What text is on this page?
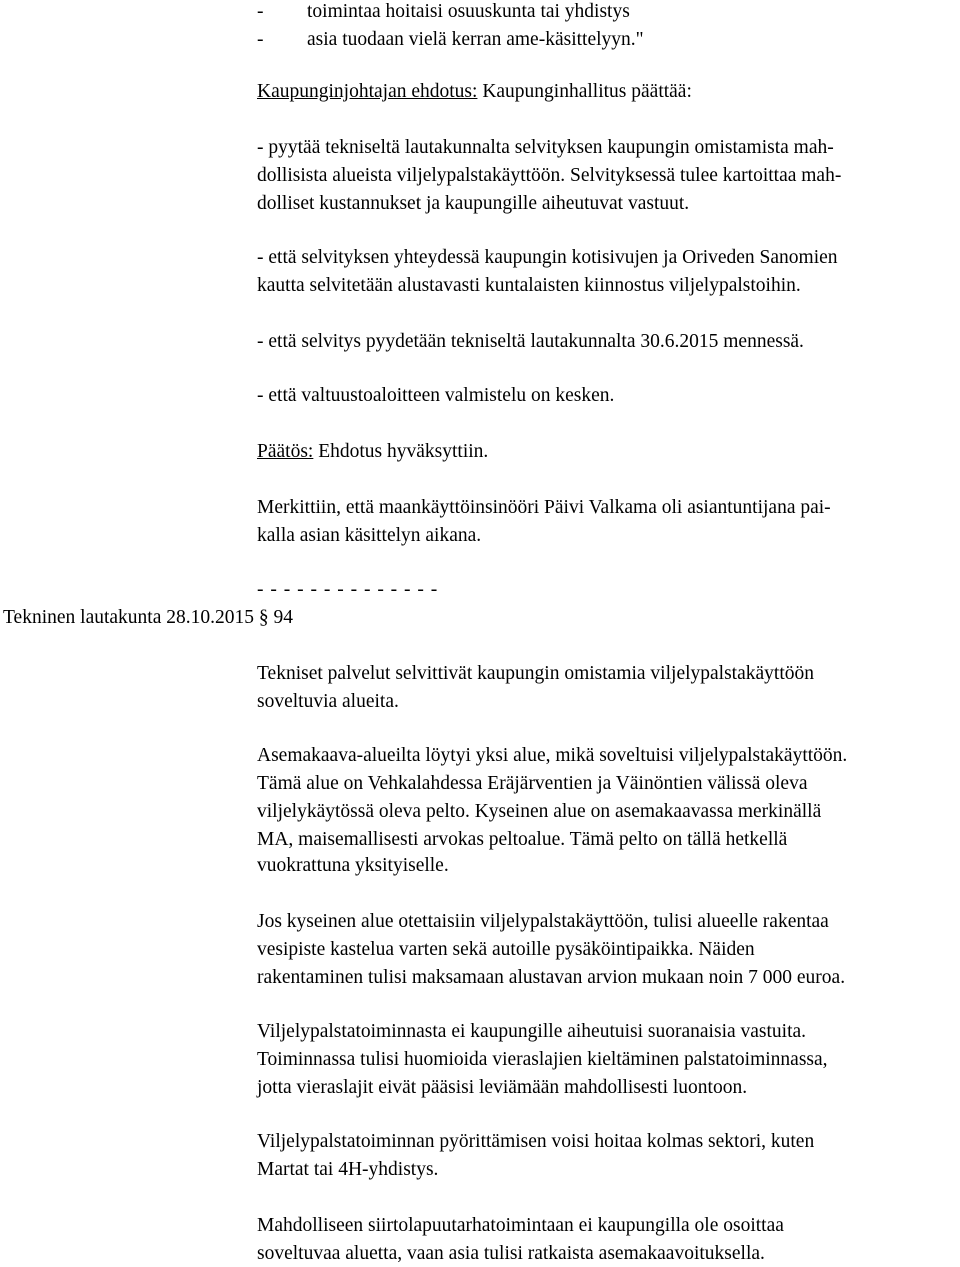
- toimintaa hoitaisi osuuskunta tai yhdistys

- asia tuodaan vielä kerran ame-käsittelyyn."

Kaupunginjohtajan ehdotus: Kaupunginhallitus päättää:

- pyytää tekniseltä lautakunnalta selvityksen kaupungin omistamista mah-

dollisista alueista viljelypalstakäyttöön. Selvityksessä tulee kartoittaa mah-

dolliset kustannukset ja kaupungille aiheutuvat vastuut.

- että selvityksen yhteydessä kaupungin kotisivujen ja Oriveden Sanomien

kautta selvitetään alustavasti kuntalaisten kiinnostus viljelypalstoihin.

- että selvitys pyydetään tekniseltä lautakunnalta 30.6.2015 mennessä.

- että valtuustoaloitteen valmistelu on kesken.

Päätös: Ehdotus hyväksyttiin.

Merkittiin, että maankäyttöinsinööri Päivi Valkama oli asiantuntijana pai-

kalla asian käsittelyn aikana.

- - - - - - - - - - - - - -

Tekninen lautakunta 28.10.2015 § 94

Tekniset palvelut selvittivät kaupungin omistamia viljelypalstakäyttöön

soveltuvia alueita.

Asemakaava-alueilta löytyi yksi alue, mikä soveltuisi viljelypalstakäyttöön.

Tämä alue on Vehkalahdessa Eräjärventien ja Väinöntien välissä oleva

viljelykäytössä oleva pelto. Kyseinen alue on asemakaavassa merkinällä

MA, maisemallisesti arvokas peltoalue. Tämä pelto on tällä hetkellä

vuokrattuna yksityiselle.

Jos kyseinen alue otettaisiin viljelypalstakäyttöön, tulisi alueelle rakentaa

vesipiste kastelua varten sekä autoille pysäköintipaikka. Näiden

rakentaminen tulisi maksamaan alustavan arvion mukaan noin 7 000 euroa.

Viljelypalstatoiminnasta ei kaupungille aiheutuisi suoranaisia vastuita.

Toiminnassa tulisi huomioida vieraslajien kieltäminen palstatoiminnassa,

jotta vieraslajit eivät pääsisi leviämään mahdollisesti luontoon.

Viljelypalstatoiminnan pyörittämisen voisi hoitaa kolmas sektori, kuten

Martat tai 4H-yhdistys.

Mahdolliseen siirtolapuutarhatoimintaan ei kaupungilla ole osoittaa

soveltuvaa aluetta, vaan asia tulisi ratkaista asemakaavoituksella.
